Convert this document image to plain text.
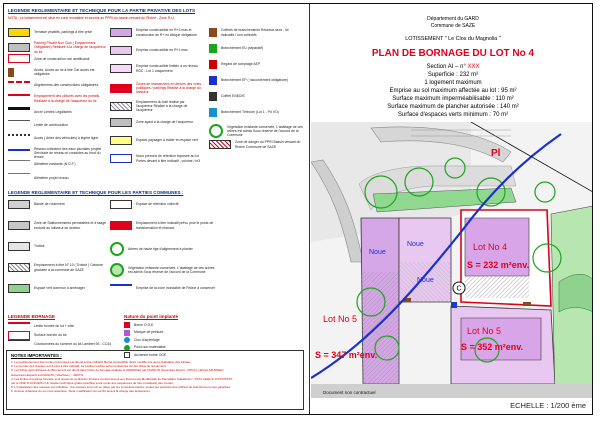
LEGENDE REGLEMENTAIRE ET TECHNIQUE POUR LA PARTIE PRIVATIVE DES LOTS
NOTA : Le lotissement est situé en zone inondable et soumis au PPRI du bassin versant du Rhône - Zone R-U.
Terrasse privatifs, parkings à titre privé
Parking Privatif Non Clos ( Emplacement Obligatoire) Réalisée à la charge de l'acquéreur du lot
Zone de construction non aedificandi
Accès, Accès au lot à titre Car accès est obligatoire
Alignements des constructions obligatoires
Emplacement des clôtures avec les portails Réalisée à la charge de l'acquéreur du lot
Ancre Limites Légalisées
Limite de cotrésolution
Accès ( Arbre des véhicules) à légère ligne
Réseau collecteur des eaux pluviales projeté Servitude de réseau et conduites au fond du terrain
Altimétrie existante (N.G.F.)
Altimétrie projet niveau
Emprise constructible en R+1 max et construction de R+ en Attique obligatoire
Emprise constructible en R+1 max
Emprise constructible limitée à un niveau RDC - Lot 1 uniquement
Zones de manoeuvres en dehors des voies publiques / parkings Réalisé à la charge du lotisseur
Emplacement du bâti réalisé par l'acquéreur Réalisé à la charge de l'acquéreur
Zone ayant à la charge de l'acquéreur
Espace paysager à traiter en espace vert
Nous prenons de rétention imposée au lot Portes devant à titre indicatif , volume / m3
Coffrets de branchements Réseaux secs , lot indicatifs / non collectifs
Branchement EU (séparatif)
Regard de comptage AEP
Branchement EP ( raccordement obligatoire)
Coffret ENEDIS
Branchement Télécom (Lot 1 - Pd VO)
Végétation existante conservée, L'abattage de ces arbres est admis Sous réserve de l'accord de la Commune
Zone de danger du PPRI Bassin versant du Rhône Commune de SAZE
LEGENDE REGLEMENTAIRE ET TECHNIQUE POUR LES PARTIES COMMUNES :
Bande de roulement
Zone de Stationnements perméables et d'usage exclusif au lotisseur du secteur
Trottoir
Emplacement à titre N° 10 ( Trottoir ) Ceinture gradulée à la commune de SAZE
Espace vert commun à aménager
Espace de rétention collectif
Emplacement à titre indicatif prévu pour le poste de transformation et réseaux
Arbres de haute tige d'alignement à planter
Végétation existante conservée, L'abattage de ces arbres est admis Sous réserve de l'accord de la Commune
Emprise de la zone inondable de Rhône à conserver
LEGENDE BORNAGE	Nature du point implanté
Limite bornée du lot + côte
Surface bornée du lot
Coordonnées du sommet du lot Lambert 93 - CC44
Borne O.G.E.
Marque de peinture
Clou d'arpentage
Point non matérialisé
Ancienne borne OGE
NOTES IMPORTANTES :
1. Le positionnement des portes communes est donné à titre indicatif. Borné susceptible d'être modifié lors de la réalisation des travaux.
2. Le premier des réseaux est donné à titre indicatif. La position exacte sera mentionnée sur les plans de récolement.
3. Le Fichier géométriques du Bornement est décrit dans Fiche de bornage réalisée le 30/09/2022 par M.MOLIN (Géomètre-Expert - DPLG), cabinet AZURGEO
Géomètres-Experts à AVIGNON ( Vaucluse ) - 30/27/4.
4. Les limites d'emprise foncière sont issues de la division foncière conformément aux Documents Modificatifs du Parcellaire Cadastral n° XXXX validé le XX/XX/XXXX
par le CDIF D'AVIGNON (Un dossier technique (plans étouffés) a été remis aux acquéreurs de lots constitués) des murets.
5. L'implantation des réseaux est indicative : les réseaux sont mis en place par les concessionnaires, seules les positions des coffrets de branchement sont garanties.
6. Aucune réhausse du sol n'est autorisée. Toute modification du sol fini sera à la charge des acquéreurs.
Département du GARD
Commune de SAZE
LOTISSEMENT " Le Clos du Magnolia "
PLAN DE BORNAGE DU LOT No 4
Section AI – n° XXX
Superficie : 232 m²
1 logement maximum
Emprise au sol maximum affectée au lot : 95 m²
Surface maximum imperméabilisable : 110 m²
Surface maximum de plancher autorisée : 140 m²
Surface d'espaces verts minimum : 70 m²
C
Pl
Lot No 4
S = 232 m²env.
Lot No 5
S = 352 m²env.
Lot No 5
S = 347 m²env.
Noue
Noue
Noue
Document non contractuel
ECHELLE : 1/200 ème
